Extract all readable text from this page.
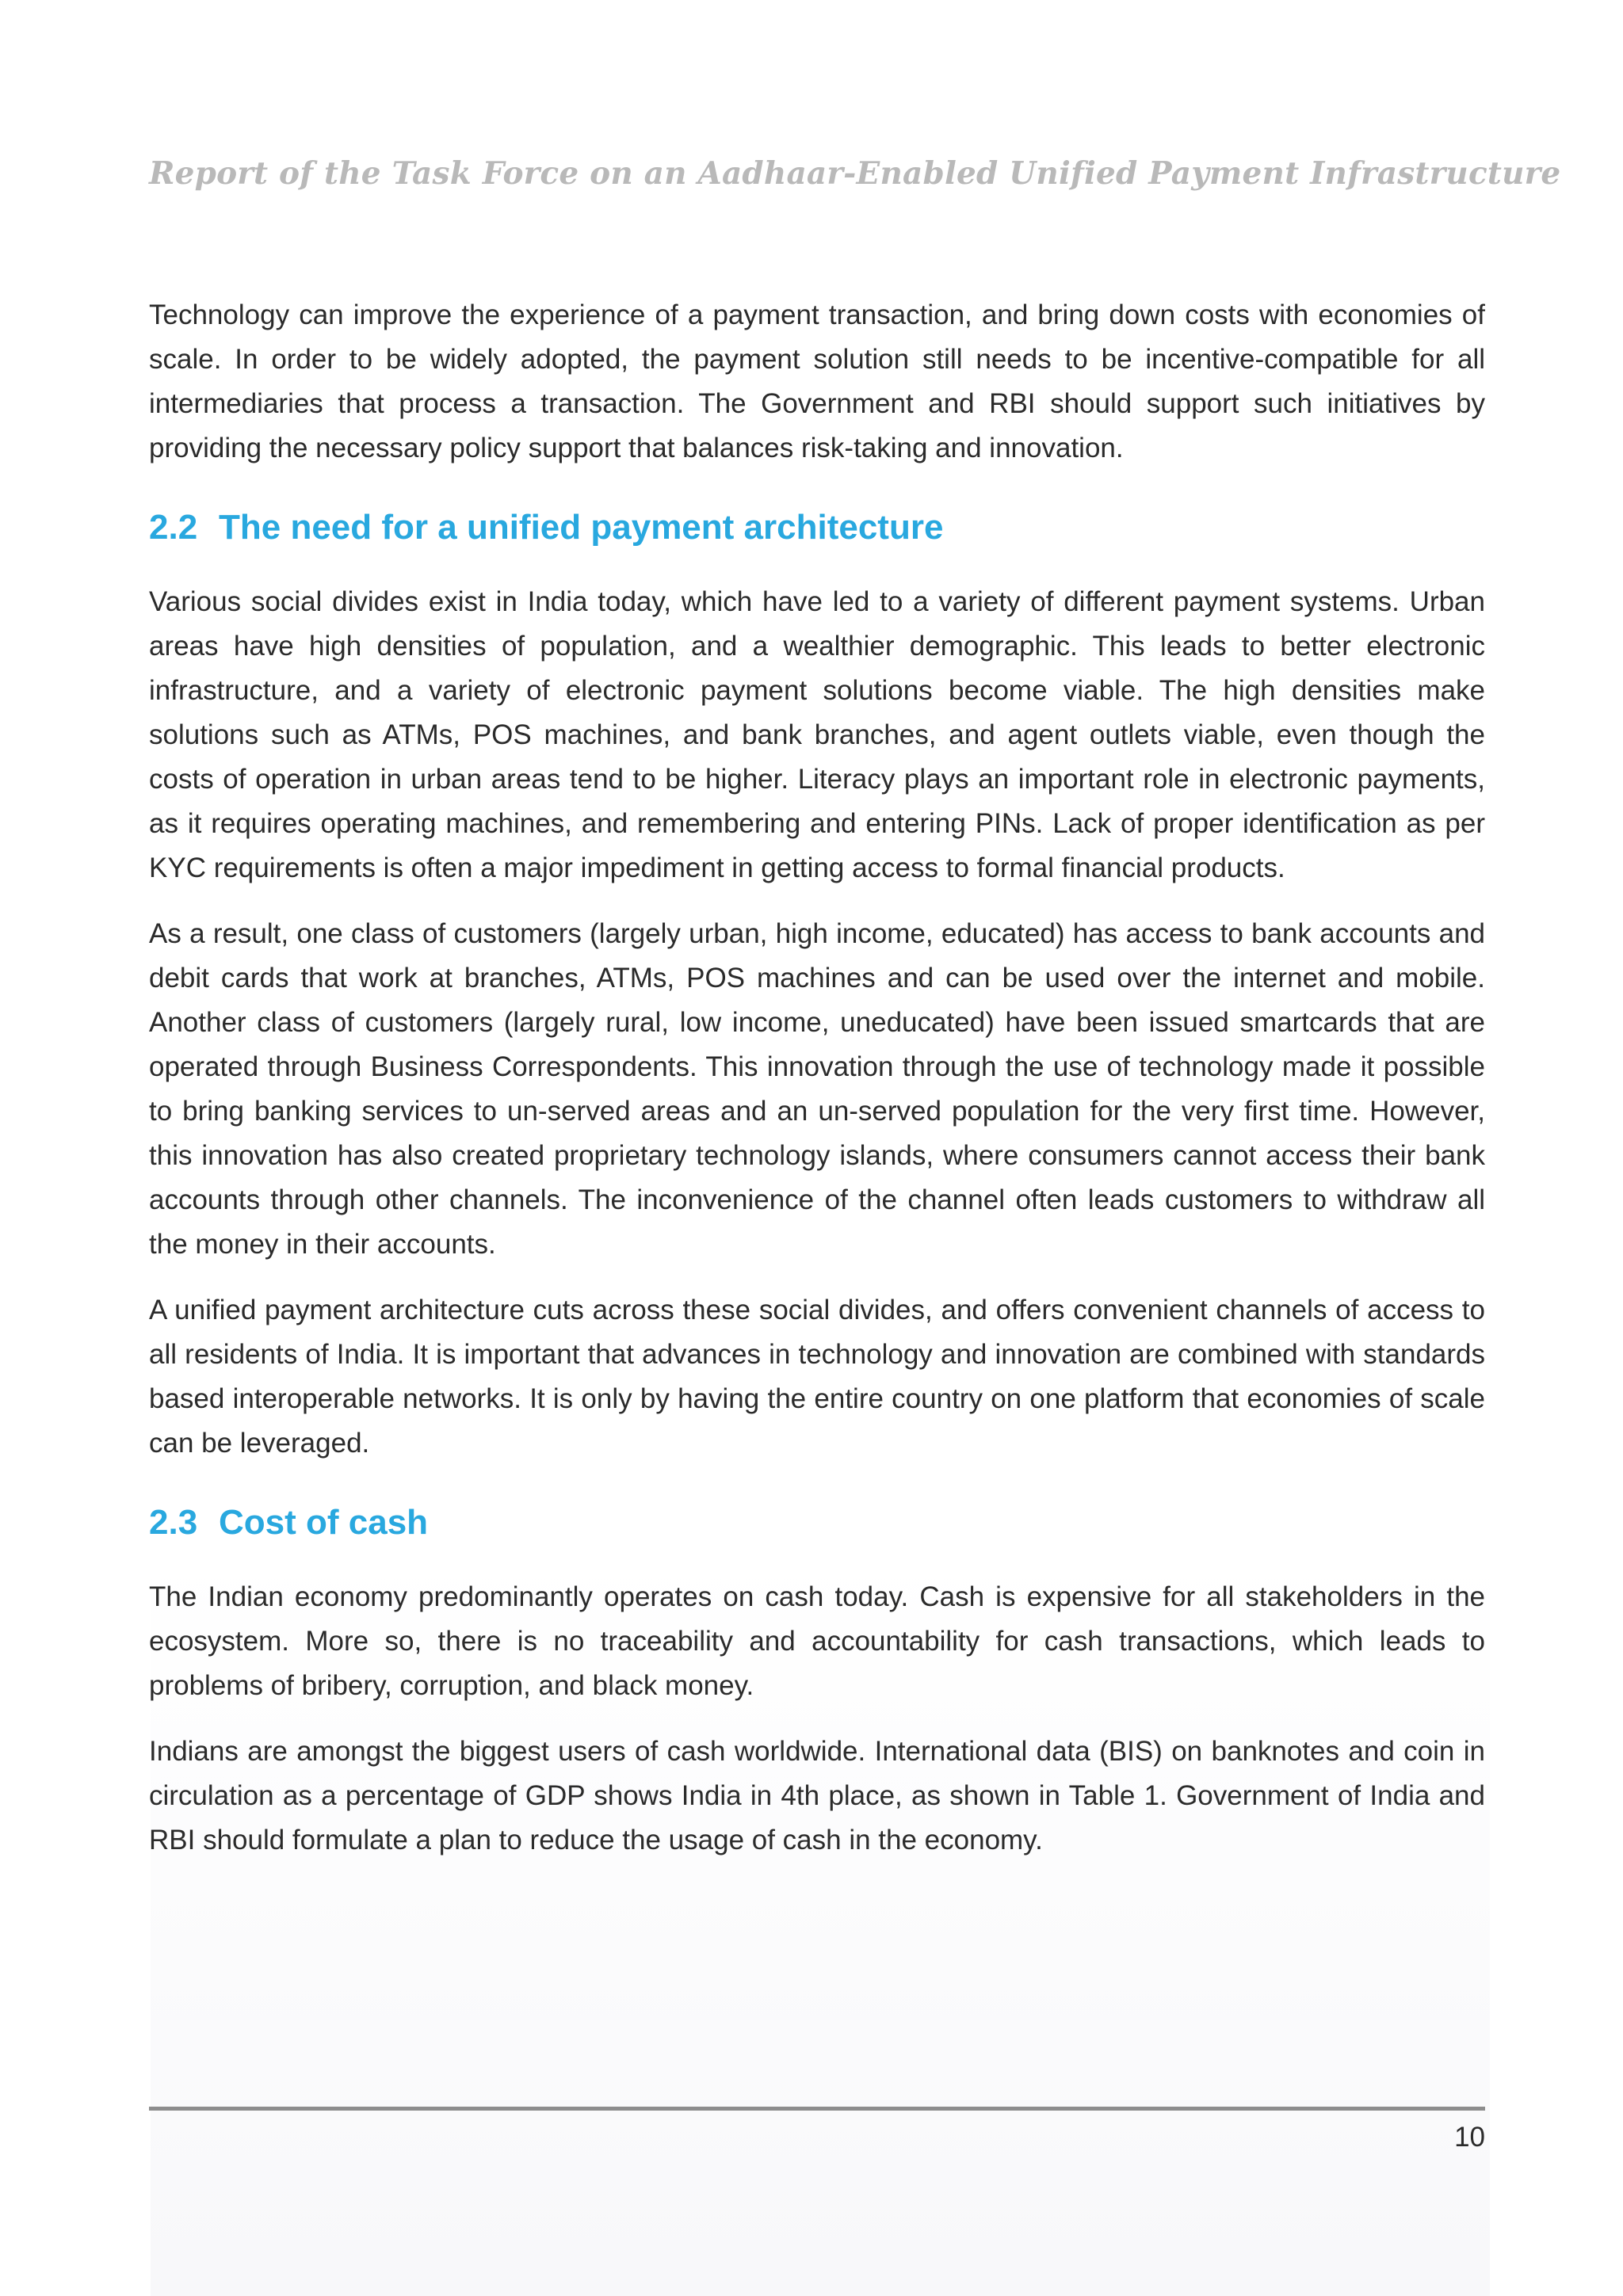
Report of the Task Force on an Aadhaar-Enabled Unified Payment Infrastructure

Technology can improve the experience of a payment transaction, and bring down costs with economies of scale. In order to be widely adopted, the payment solution still needs to be incentive-compatible for all intermediaries that process a transaction. The Government and RBI should support such initiatives by providing the necessary policy support that balances risk-taking and innovation.

2.2 The need for a unified payment architecture

Various social divides exist in India today, which have led to a variety of different payment systems. Urban areas have high densities of population, and a wealthier demographic. This leads to better electronic infrastructure, and a variety of electronic payment solutions become viable. The high densities make solutions such as ATMs, POS machines, and bank branches, and agent outlets viable, even though the costs of operation in urban areas tend to be higher. Literacy plays an important role in electronic payments, as it requires operating machines, and remembering and entering PINs. Lack of proper identification as per KYC requirements is often a major impediment in getting access to formal financial products.

As a result, one class of customers (largely urban, high income, educated) has access to bank accounts and debit cards that work at branches, ATMs, POS machines and can be used over the internet and mobile. Another class of customers (largely rural, low income, uneducated) have been issued smartcards that are operated through Business Correspondents. This innovation through the use of technology made it possible to bring banking services to un-served areas and an un-served population for the very first time. However, this innovation has also created proprietary technology islands, where consumers cannot access their bank accounts through other channels. The inconvenience of the channel often leads customers to withdraw all the money in their accounts.

A unified payment architecture cuts across these social divides, and offers convenient channels of access to all residents of India. It is important that advances in technology and innovation are combined with standards based interoperable networks. It is only by having the entire country on one platform that economies of scale can be leveraged.

2.3 Cost of cash

The Indian economy predominantly operates on cash today. Cash is expensive for all stakeholders in the ecosystem. More so, there is no traceability and accountability for cash transactions, which leads to problems of bribery, corruption, and black money.

Indians are amongst the biggest users of cash worldwide. International data (BIS) on banknotes and coin in circulation as a percentage of GDP shows India in 4th place, as shown in Table 1. Government of India and RBI should formulate a plan to reduce the usage of cash in the economy.

10
